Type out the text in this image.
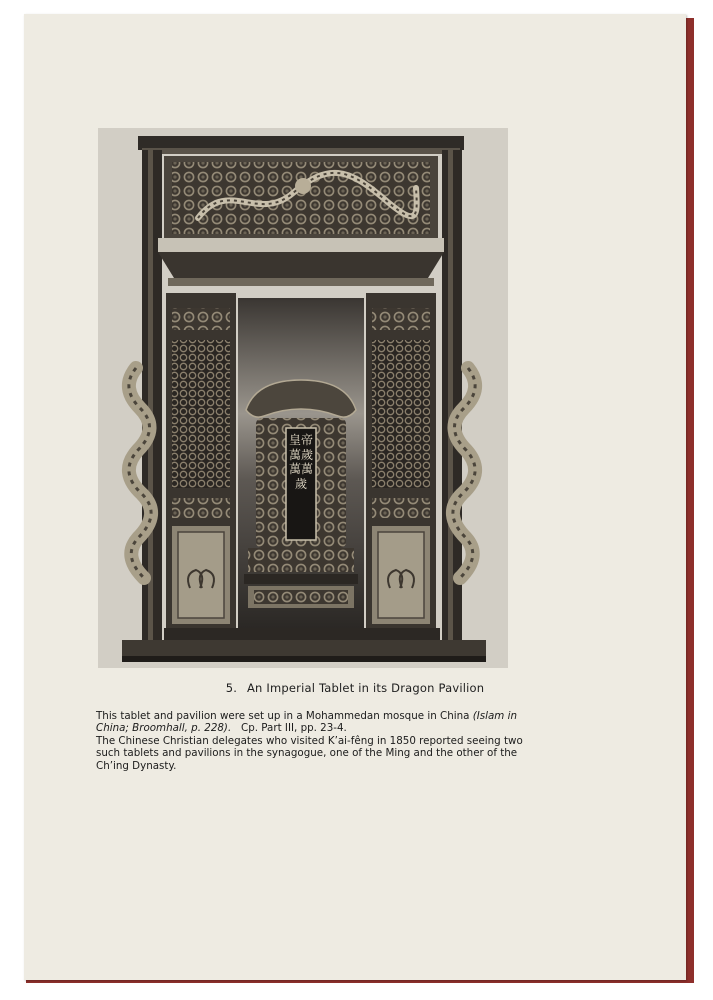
皇帝萬歲萬萬歲
5. An Imperial Tablet in its Dragon Pavilion

This tablet and pavilion were set up in a Mohammedan mosque in China (Islam in China; Broomhall, p. 228).   Cp. Part III, pp. 23-4.

The Chinese Christian delegates who visited K’ai-fêng in 1850 reported seeing two such tablets and pavilions in the synagogue, one of the Ming and the other of the Ch’ing Dynasty.
